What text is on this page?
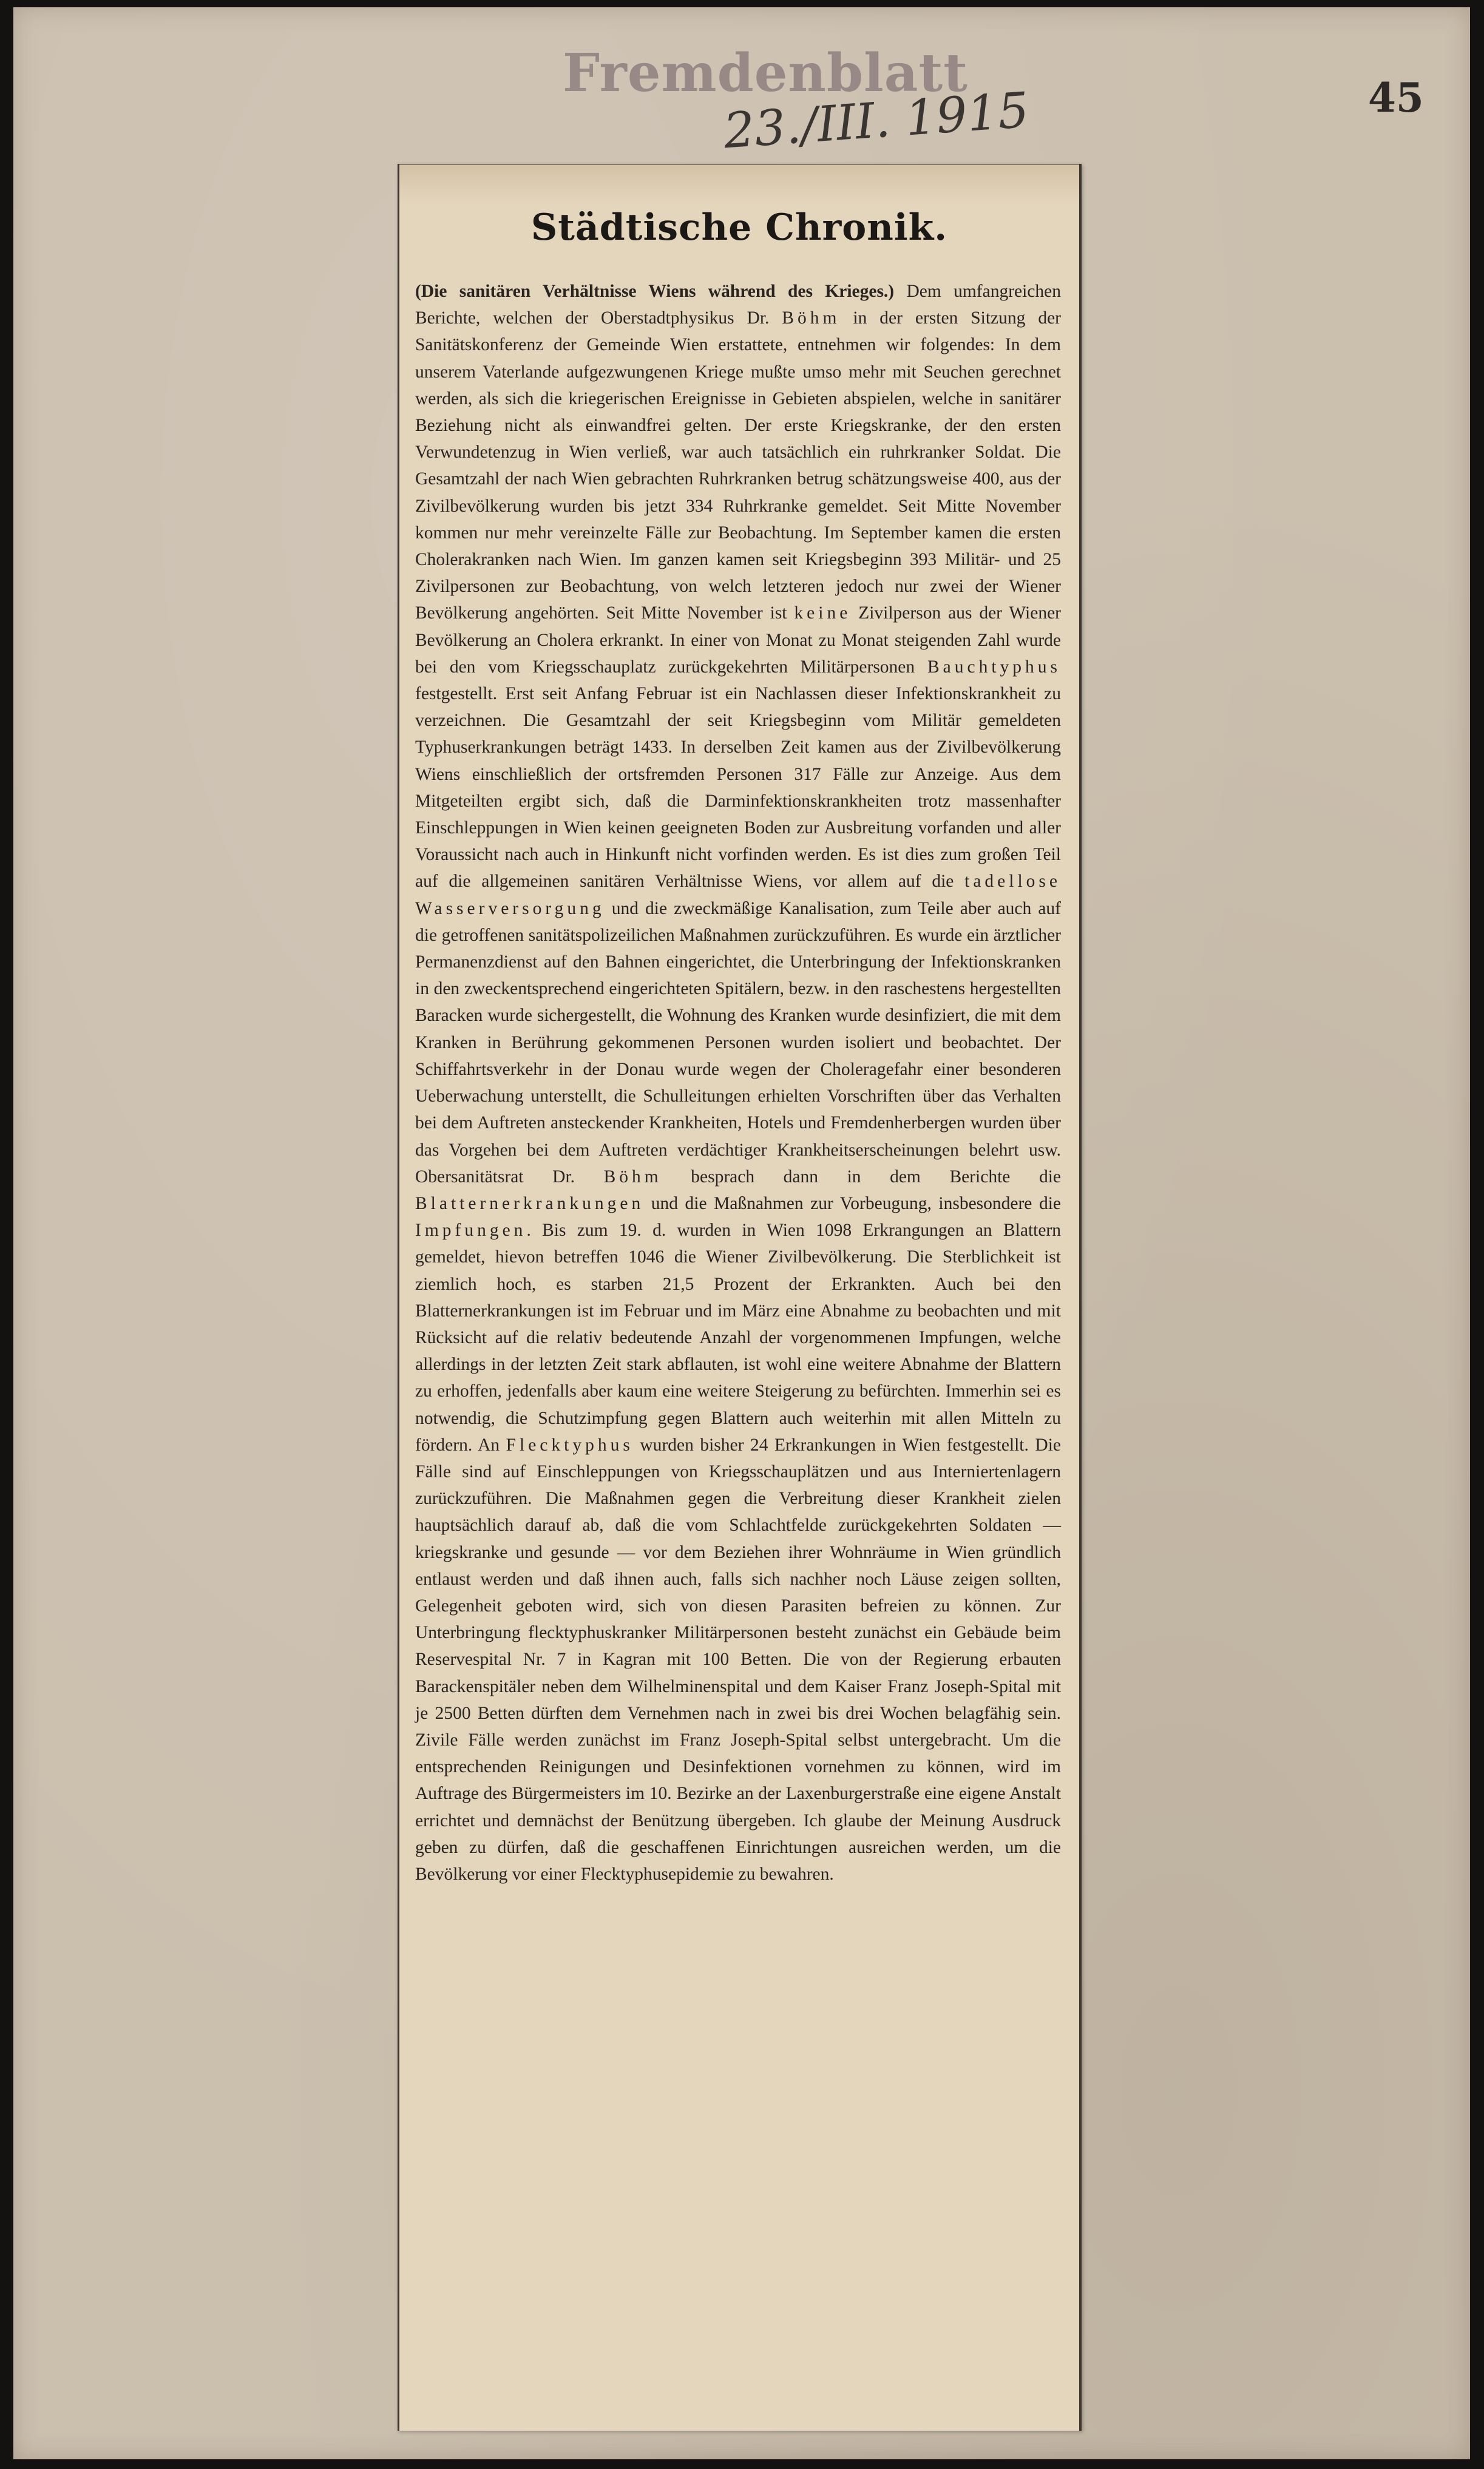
Fremdenblatt
23./III. 1915	45
Städtische Chronik.
(Die sanitären Verhältnisse Wiens während des Krieges.) Dem umfangreichen Berichte, welchen der Oberstadtphysikus Dr. Böhm in der ersten Sitzung der Sanitätskonferenz der Gemeinde Wien erstattete, entnehmen wir folgendes: In dem unserem Vaterlande aufgezwungenen Kriege mußte umso mehr mit Seuchen gerechnet werden, als sich die kriegerischen Ereignisse in Gebieten abspielen, welche in sanitärer Beziehung nicht als einwandfrei gelten. Der erste Kriegskranke, der den ersten Verwundetenzug in Wien verließ, war auch tatsächlich ein ruhrkranker Soldat. Die Gesamtzahl der nach Wien gebrachten Ruhrkranken betrug schätzungsweise 400, aus der Zivilbevölkerung wurden bis jetzt 334 Ruhrkranke gemeldet. Seit Mitte November kommen nur mehr vereinzelte Fälle zur Beobachtung. Im September kamen die ersten Cholerakranken nach Wien. Im ganzen kamen seit Kriegsbeginn 393 Militär- und 25 Zivilpersonen zur Beobachtung, von welch letzteren jedoch nur zwei der Wiener Bevölkerung angehörten. Seit Mitte November ist keine Zivilperson aus der Wiener Bevölkerung an Cholera erkrankt. In einer von Monat zu Monat steigenden Zahl wurde bei den vom Kriegsschauplatz zurückgekehrten Militärpersonen Bauchtyphus festgestellt. Erst seit Anfang Februar ist ein Nachlassen dieser Infektionskrankheit zu verzeichnen. Die Gesamtzahl der seit Kriegsbeginn vom Militär gemeldeten Typhuserkrankungen beträgt 1433. In derselben Zeit kamen aus der Zivilbevölkerung Wiens einschließlich der ortsfremden Personen 317 Fälle zur Anzeige. Aus dem Mitgeteilten ergibt sich, daß die Darminfektionskrankheiten trotz massenhafter Einschleppungen in Wien keinen geeigneten Boden zur Ausbreitung vorfanden und aller Voraussicht nach auch in Hinkunft nicht vorfinden werden. Es ist dies zum großen Teil auf die allgemeinen sanitären Verhältnisse Wiens, vor allem auf die tadellose Wasserversorgung und die zweckmäßige Kanalisation, zum Teile aber auch auf die getroffenen sanitätspolizeilichen Maßnahmen zurückzuführen. Es wurde ein ärztlicher Permanenzdienst auf den Bahnen eingerichtet, die Unterbringung der Infektionskranken in den zweckentsprechend eingerichteten Spitälern, bezw. in den raschestens hergestellten Baracken wurde sichergestellt, die Wohnung des Kranken wurde desinfiziert, die mit dem Kranken in Berührung gekommenen Personen wurden isoliert und beobachtet. Der Schiffahrtsverkehr in der Donau wurde wegen der Choleragefahr einer besonderen Ueberwachung unterstellt, die Schulleitungen erhielten Vorschriften über das Verhalten bei dem Auftreten ansteckender Krankheiten, Hotels und Fremdenherbergen wurden über das Vorgehen bei dem Auftreten verdächtiger Krankheitserscheinungen belehrt usw. Obersanitätsrat Dr. Böhm besprach dann in dem Berichte die Blatternerkrankungen und die Maßnahmen zur Vorbeugung, insbesondere die Impfungen. Bis zum 19. d. wurden in Wien 1098 Erkrangungen an Blattern gemeldet, hievon betreffen 1046 die Wiener Zivilbevölkerung. Die Sterblichkeit ist ziemlich hoch, es starben 21,5 Prozent der Erkrankten. Auch bei den Blatternerkrankungen ist im Februar und im März eine Abnahme zu beobachten und mit Rücksicht auf die relativ bedeutende Anzahl der vorgenommenen Impfungen, welche allerdings in der letzten Zeit stark abflauten, ist wohl eine weitere Abnahme der Blattern zu erhoffen, jedenfalls aber kaum eine weitere Steigerung zu befürchten. Immerhin sei es notwendig, die Schutzimpfung gegen Blattern auch weiterhin mit allen Mitteln zu fördern. An Flecktyphus wurden bisher 24 Erkrankungen in Wien festgestellt. Die Fälle sind auf Einschleppungen von Kriegsschauplätzen und aus Interniertenlagern zurückzuführen. Die Maßnahmen gegen die Verbreitung dieser Krankheit zielen hauptsächlich darauf ab, daß die vom Schlachtfelde zurückgekehrten Soldaten — kriegskranke und gesunde — vor dem Beziehen ihrer Wohnräume in Wien gründlich entlaust werden und daß ihnen auch, falls sich nachher noch Läuse zeigen sollten, Gelegenheit geboten wird, sich von diesen Parasiten befreien zu können. Zur Unterbringung flecktyphuskranker Militärpersonen besteht zunächst ein Gebäude beim Reservespital Nr. 7 in Kagran mit 100 Betten. Die von der Regierung erbauten Barackenspitäler neben dem Wilhelminenspital und dem Kaiser Franz Joseph-Spital mit je 2500 Betten dürften dem Vernehmen nach in zwei bis drei Wochen belagfähig sein. Zivile Fälle werden zunächst im Franz Joseph-Spital selbst untergebracht. Um die entsprechenden Reinigungen und Desinfektionen vornehmen zu können, wird im Auftrage des Bürgermeisters im 10. Bezirke an der Laxenburgerstraße eine eigene Anstalt errichtet und demnächst der Benützung übergeben. Ich glaube der Meinung Ausdruck geben zu dürfen, daß die geschaffenen Einrichtungen ausreichen werden, um die Bevölkerung vor einer Flecktyphusepidemie zu bewahren.
